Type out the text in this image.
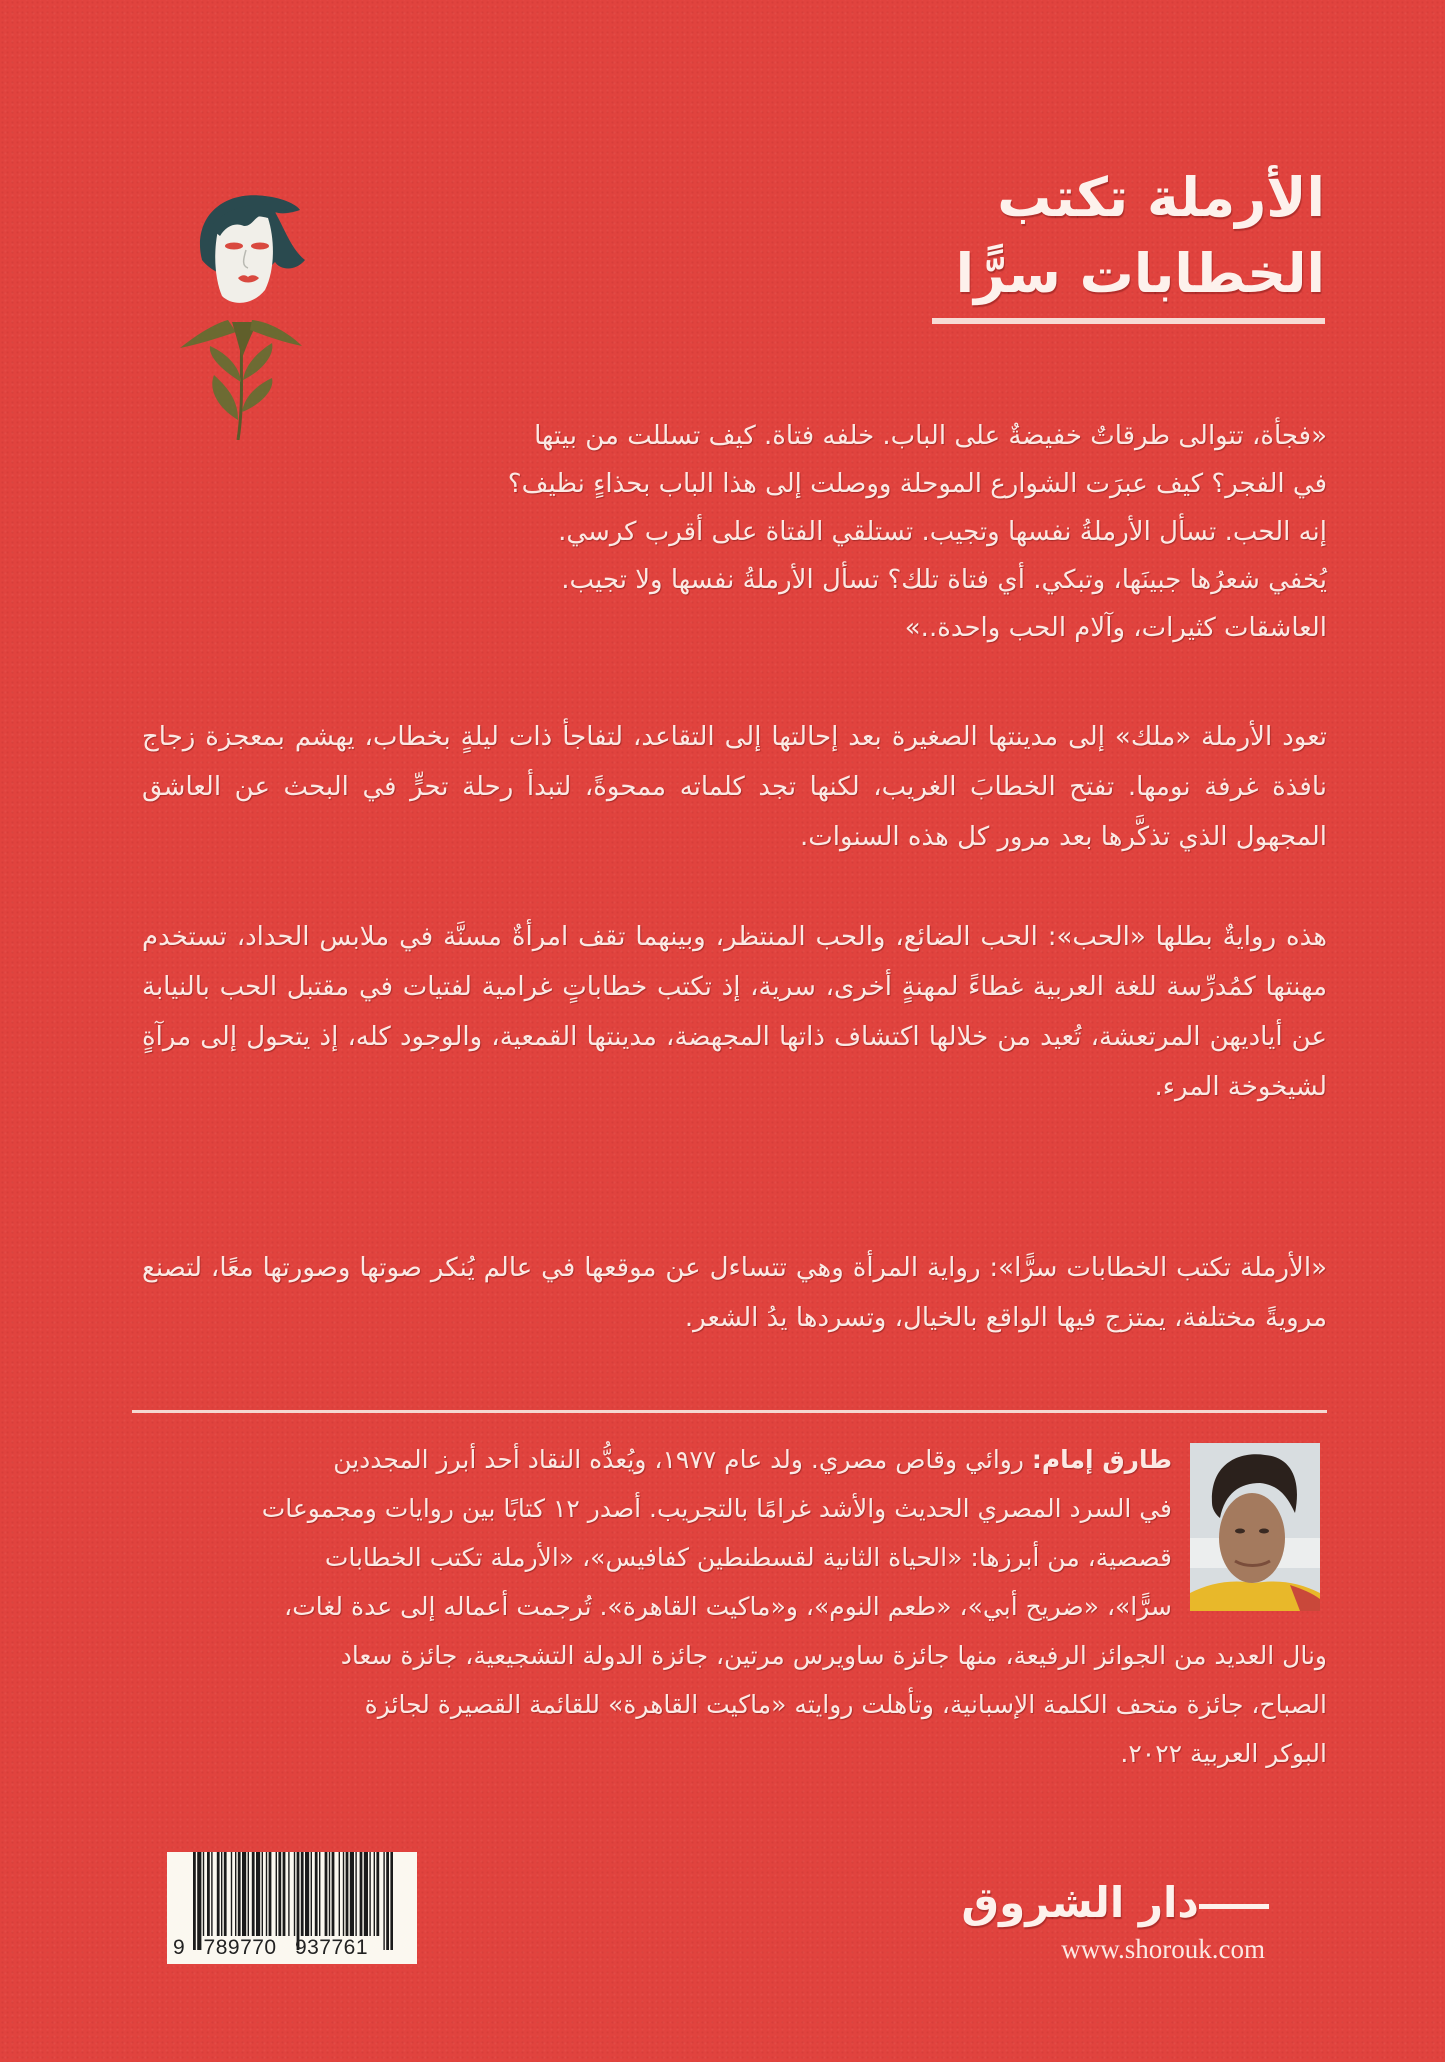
الأرملة تكتب
الخطابات سرًّا
«فجأة، تتوالى طرقاتٌ خفيضةٌ على الباب. خلفه فتاة. كيف تسللت من بيتها
في الفجر؟ كيف عبرَت الشوارع الموحلة ووصلت إلى هذا الباب بحذاءٍ نظيف؟
إنه الحب. تسأل الأرملةُ نفسها وتجيب. تستلقي الفتاة على أقرب كرسي.
يُخفي شعرُها جبينَها، وتبكي. أي فتاة تلك؟ تسأل الأرملةُ نفسها ولا تجيب.
العاشقات كثيرات، وآلام الحب واحدة..»

تعود الأرملة «ملك» إلى مدينتها الصغيرة بعد إحالتها إلى التقاعد، لتفاجأ ذات ليلةٍ بخطاب، يهشم بمعجزة زجاج نافذة غرفة نومها. تفتح الخطابَ الغريب، لكنها تجد كلماته ممحوةً، لتبدأ رحلة تحرٍّ في البحث عن العاشق المجهول الذي تذكَّرها بعد مرور كل هذه السنوات.

هذه روايةٌ بطلها «الحب»: الحب الضائع، والحب المنتظر، وبينهما تقف امرأةٌ مسنَّة في ملابس الحداد، تستخدم مهنتها كمُدرِّسة للغة العربية غطاءً لمهنةٍ أخرى، سرية، إذ تكتب خطاباتٍ غرامية لفتيات في مقتبل الحب بالنيابة عن أياديهن المرتعشة، تُعيد من خلالها اكتشاف ذاتها المجهضة، مدينتها القمعية، والوجود كله، إذ يتحول إلى مرآةٍ لشيخوخة المرء.

«الأرملة تكتب الخطابات سرًّا»: رواية المرأة وهي تتساءل عن موقعها في عالم يُنكر صوتها وصورتها معًا، لتصنع مرويةً مختلفة، يمتزج فيها الواقع بالخيال، وتسردها يدُ الشعر.

طارق إمام: روائي وقاص مصري. ولد عام ١٩٧٧، ويُعدُّه النقاد أحد أبرز المجددين
في السرد المصري الحديث والأشد غرامًا بالتجريب. أصدر ١٢ كتابًا بين روايات ومجموعات
قصصية، من أبرزها: «الحياة الثانية لقسطنطين كفافيس»، «الأرملة تكتب الخطابات
سرًّا»، «ضريح أبي»، «طعم النوم»، و«ماكيت القاهرة». تُرجمت أعماله إلى عدة لغات،
ونال العديد من الجوائز الرفيعة، منها جائزة ساويرس مرتين، جائزة الدولة التشجيعية، جائزة سعاد
الصباح، جائزة متحف الكلمة الإسبانية، وتأهلت روايته «ماكيت القاهرة» للقائمة القصيرة لجائزة
البوكر العربية ٢٠٢٢.
9 789770 937761
دار الشروق
www.shorouk.com
